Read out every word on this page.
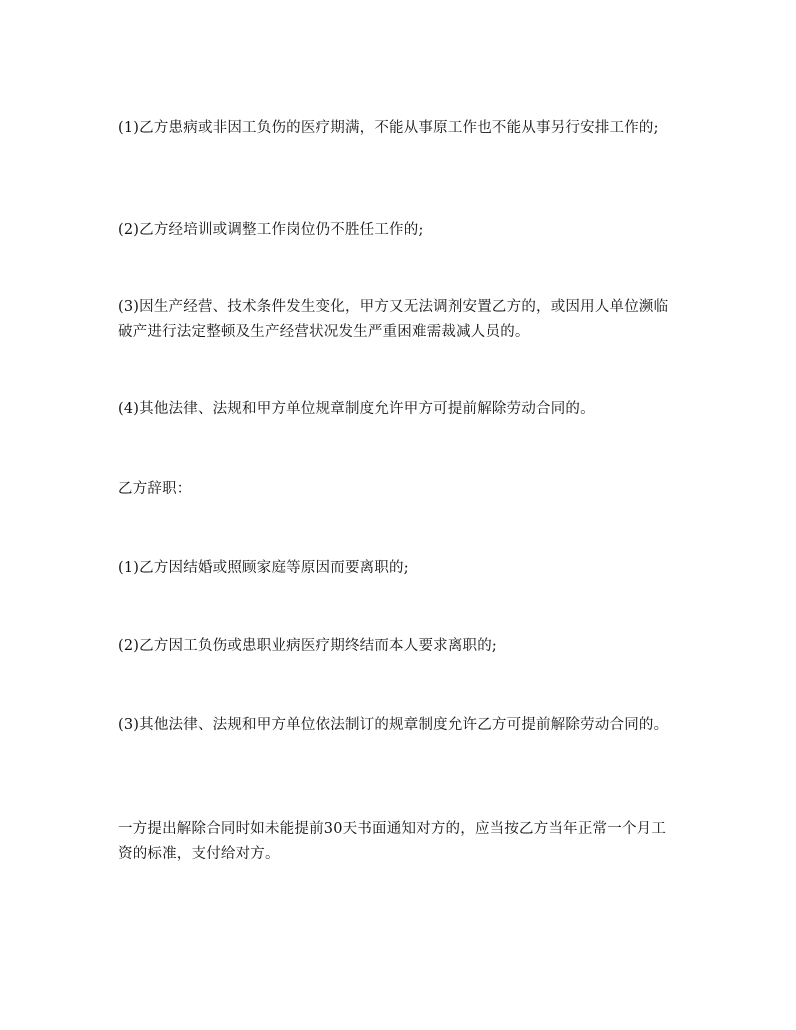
(1)乙方患病或非因工负伤的医疗期满，不能从事原工作也不能从事另行安排工作的;

(2)乙方经培训或调整工作岗位仍不胜任工作的;

(3)因生产经营、技术条件发生变化，甲方又无法调剂安置乙方的，或因用人单位濒临破产进行法定整顿及生产经营状况发生严重困难需裁减人员的。

(4)其他法律、法规和甲方单位规章制度允许甲方可提前解除劳动合同的。

乙方辞职：

(1)乙方因结婚或照顾家庭等原因而要离职的;

(2)乙方因工负伤或患职业病医疗期终结而本人要求离职的;

(3)其他法律、法规和甲方单位依法制订的规章制度允许乙方可提前解除劳动合同的。

一方提出解除合同时如未能提前30天书面通知对方的，应当按乙方当年正常一个月工资的标准，支付给对方。
